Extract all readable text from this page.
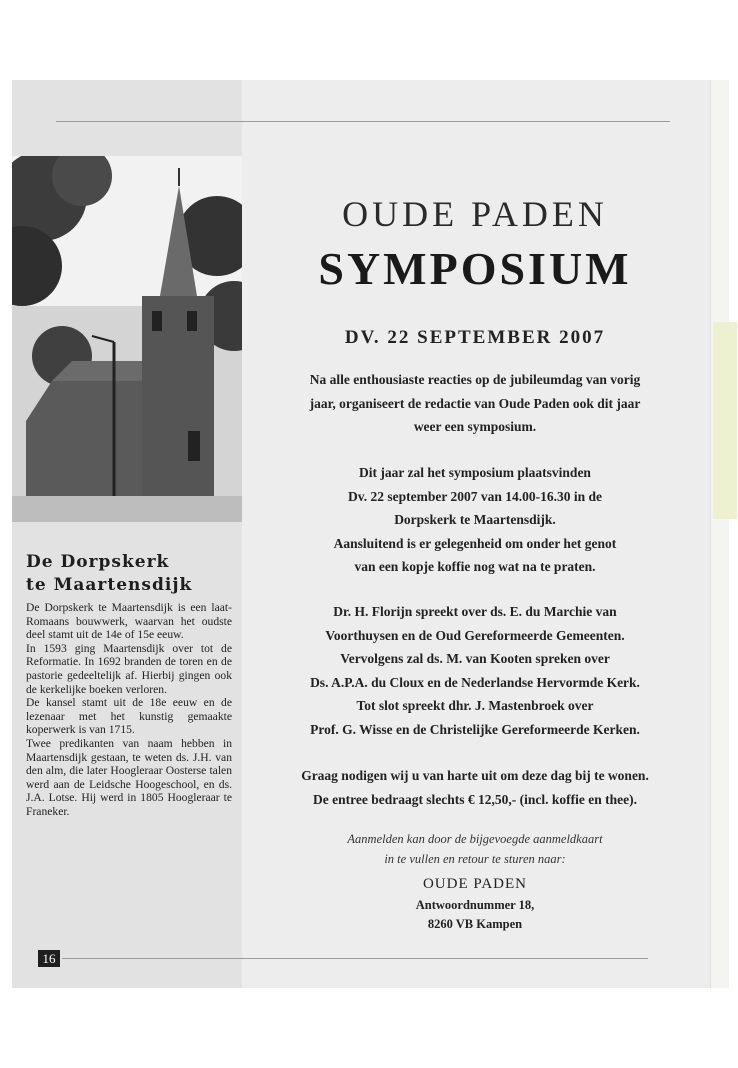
De Dorpskerk
te Maartensdijk

De Dorpskerk te Maartensdijk is een laat-Romaans bouwwerk, waarvan het oudste deel stamt uit de 14e of 15e eeuw.

In 1593 ging Maartensdijk over tot de Reformatie. In 1692 branden de toren en de pastorie gedeeltelijk af. Hierbij gingen ook de kerkelijke boeken verloren.

De kansel stamt uit de 18e eeuw en de lezenaar met het kunstig gemaakte koperwerk is van 1715.

Twee predikanten van naam hebben in Maartensdijk gestaan, te weten ds. J.H. van den alm, die later Hoogleraar Oosterse talen werd aan de Leidsche Hoogeschool, en ds. J.A. Lotse. Hij werd in 1805 Hoogleraar te Franeker.

OUDE PADEN
SYMPOSIUM
DV. 22 SEPTEMBER 2007
Na alle enthousiaste reacties op de jubileumdag van vorig
jaar, organiseert de redactie van Oude Paden ook dit jaar
weer een symposium.
Dit jaar zal het symposium plaatsvinden
Dv. 22 september 2007 van 14.00-16.30 in de
Dorpskerk te Maartensdijk.
Aansluitend is er gelegenheid om onder het genot
van een kopje koffie nog wat na te praten.
Dr. H. Florijn spreekt over ds. E. du Marchie van
Voorthuysen en de Oud Gereformeerde Gemeenten.
Vervolgens zal ds. M. van Kooten spreken over
Ds. A.P.A. du Cloux en de Nederlandse Hervormde Kerk.
Tot slot spreekt dhr. J. Mastenbroek over
Prof. G. Wisse en de Christelijke Gereformeerde Kerken.
Graag nodigen wij u van harte uit om deze dag bij te wonen.
De entree bedraagt slechts € 12,50,- (incl. koffie en thee).
Aanmelden kan door de bijgevoegde aanmeldkaart
in te vullen en retour te sturen naar:
OUDE PADEN
Antwoordnummer 18,
8260 VB Kampen
16
